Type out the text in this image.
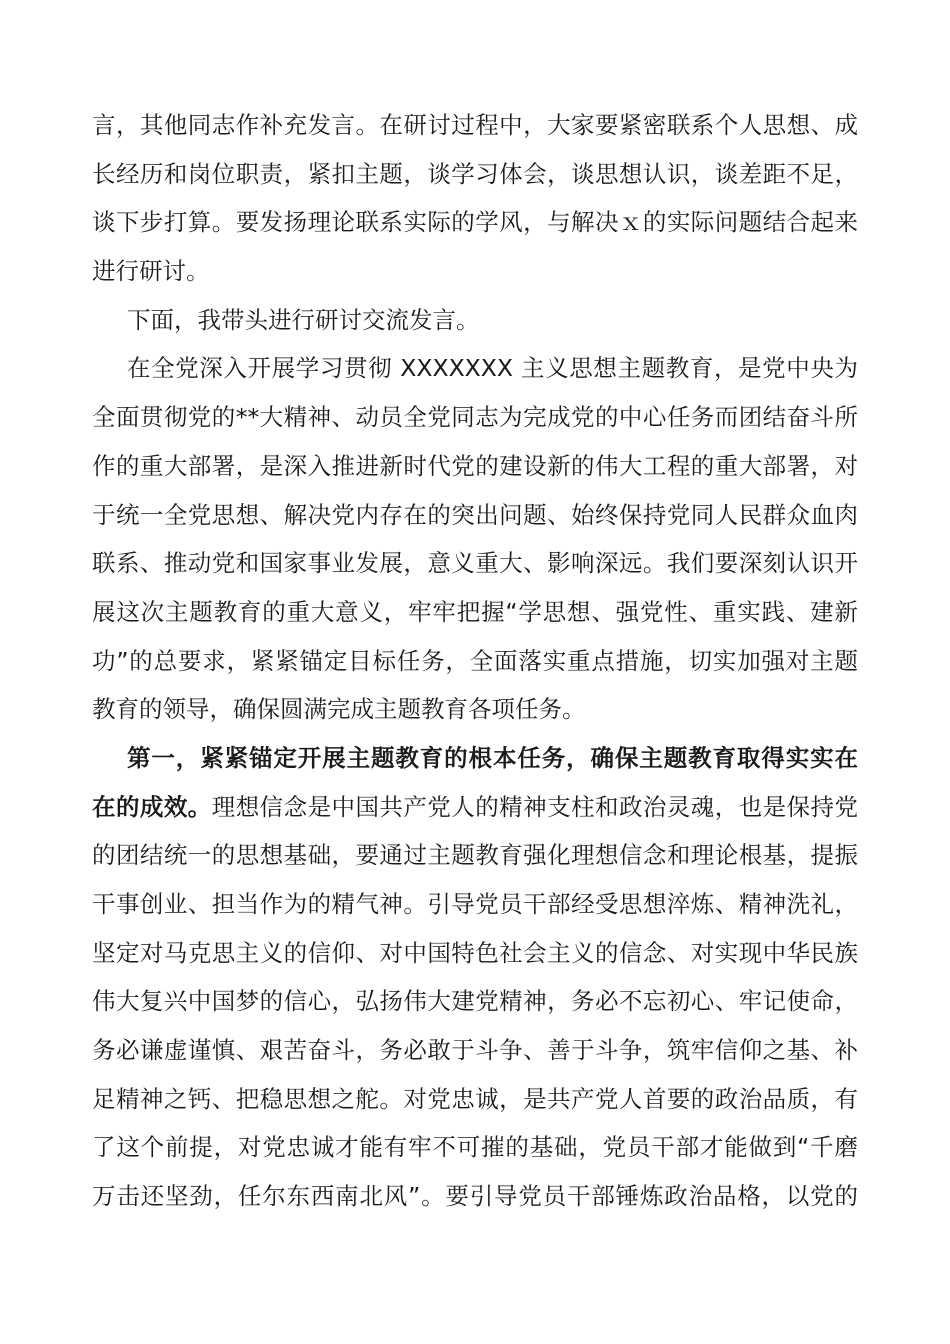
言，其他同志作补充发言。在研讨过程中，大家要紧密联系个人思想、成
长经历和岗位职责，紧扣主题，谈学习体会，谈思想认识，谈差距不足，
谈下步打算。要发扬理论联系实际的学风，与解决ｘ的实际问题结合起来
进行研讨。
下面，我带头进行研讨交流发言。
在全党深入开展学习贯彻 XXXXXXX 主义思想主题教育，是党中央为
全面贯彻党的**大精神、动员全党同志为完成党的中心任务而团结奋斗所
作的重大部署，是深入推进新时代党的建设新的伟大工程的重大部署，对
于统一全党思想、解决党内存在的突出问题、始终保持党同人民群众血肉
联系、推动党和国家事业发展，意义重大、影响深远。我们要深刻认识开
展这次主题教育的重大意义，牢牢把握“学思想、强党性、重实践、建新
功”的总要求，紧紧锚定目标任务，全面落实重点措施，切实加强对主题
教育的领导，确保圆满完成主题教育各项任务。
第一，紧紧锚定开展主题教育的根本任务，确保主题教育取得实实在
在的成效。理想信念是中国共产党人的精神支柱和政治灵魂，也是保持党
的团结统一的思想基础，要通过主题教育强化理想信念和理论根基，提振
干事创业、担当作为的精气神。引导党员干部经受思想淬炼、精神洗礼，
坚定对马克思主义的信仰、对中国特色社会主义的信念、对实现中华民族
伟大复兴中国梦的信心，弘扬伟大建党精神，务必不忘初心、牢记使命，
务必谦虚谨慎、艰苦奋斗，务必敢于斗争、善于斗争，筑牢信仰之基、补
足精神之钙、把稳思想之舵。对党忠诚，是共产党人首要的政治品质，有
了这个前提，对党忠诚才能有牢不可摧的基础，党员干部才能做到“千磨
万击还坚劲，任尔东西南北风”。要引导党员干部锤炼政治品格，以党的
